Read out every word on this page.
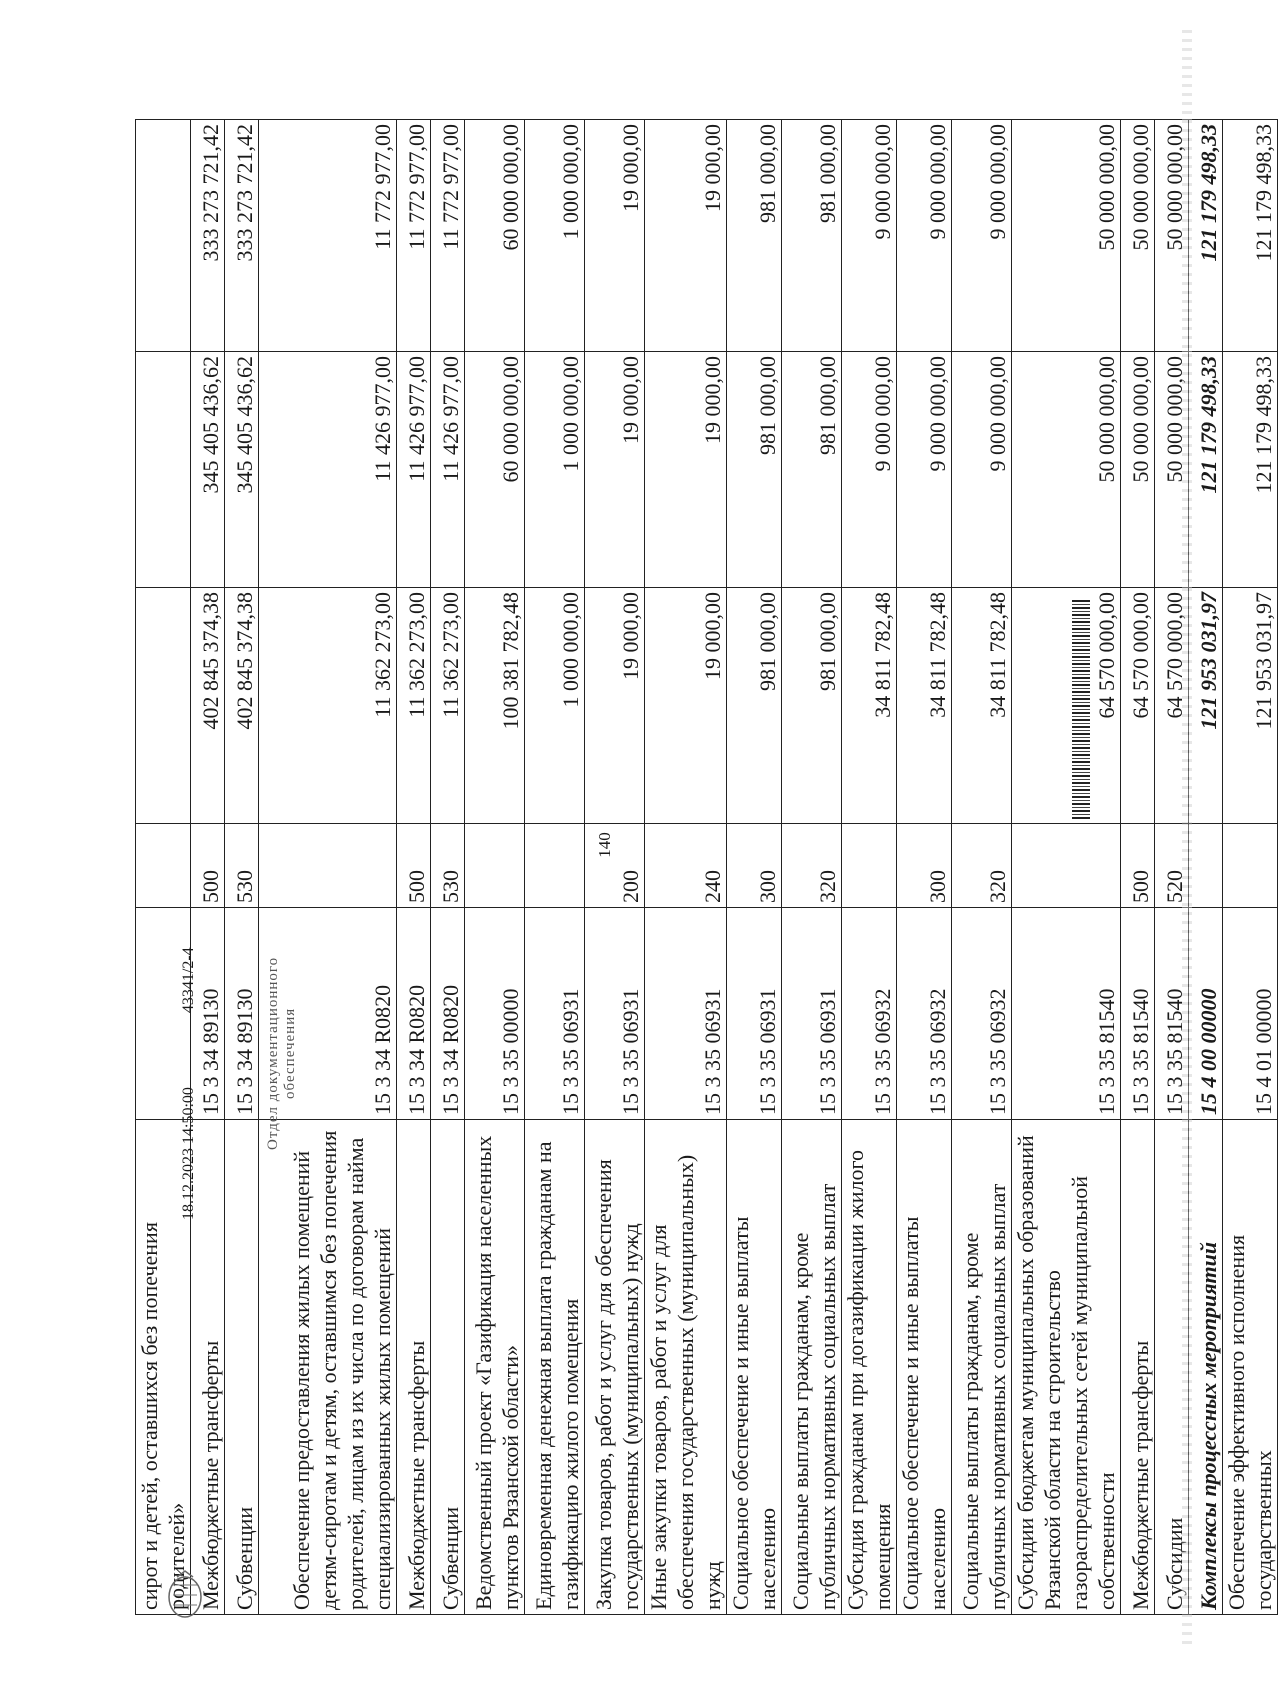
140
сирот и детей, оставшихся без попечения родителей»					
Межбюджетные трансферты	15 3 34 89130	500	402 845 374,38	345 405 436,62	333 273 721,42
Субвенции	15 3 34 89130	530	402 845 374,38	345 405 436,62	333 273 721,42
Обеспечение предоставления жилых помещений детям-сиротам и детям, оставшимся без попечения родителей, лицам из их числа по договорам найма специализированных жилых помещений	15 3 34 R0820		11 362 273,00	11 426 977,00	11 772 977,00
Межбюджетные трансферты	15 3 34 R0820	500	11 362 273,00	11 426 977,00	11 772 977,00
Субвенции	15 3 34 R0820	530	11 362 273,00	11 426 977,00	11 772 977,00
Ведомственный проект «Газификация населенных пунктов Рязанской области»	15 3 35 00000		100 381 782,48	60 000 000,00	60 000 000,00
Единовременная денежная выплата гражданам на газификацию жилого помещения	15 3 35 06931		1 000 000,00	1 000 000,00	1 000 000,00
Закупка товаров, работ и услуг для обеспечения государственных (муниципальных) нужд	15 3 35 06931	200	19 000,00	19 000,00	19 000,00
Иные закупки товаров, работ и услуг для обеспечения государственных (муниципальных) нужд	15 3 35 06931	240	19 000,00	19 000,00	19 000,00
Социальное обеспечение и иные выплаты населению	15 3 35 06931	300	981 000,00	981 000,00	981 000,00
Социальные выплаты гражданам, кроме публичных нормативных социальных выплат	15 3 35 06931	320	981 000,00	981 000,00	981 000,00
Субсидия гражданам при догазификации жилого помещения	15 3 35 06932		34 811 782,48	9 000 000,00	9 000 000,00
Социальное обеспечение и иные выплаты населению	15 3 35 06932	300	34 811 782,48	9 000 000,00	9 000 000,00
Социальные выплаты гражданам, кроме публичных нормативных социальных выплат	15 3 35 06932	320	34 811 782,48	9 000 000,00	9 000 000,00
Субсидии бюджетам муниципальных образований Рязанской области на строительство газораспределительных сетей муниципальной собственности	15 3 35 81540		64 570 000,00	50 000 000,00	50 000 000,00
Межбюджетные трансферты	15 3 35 81540	500	64 570 000,00	50 000 000,00	50 000 000,00
Субсидии	15 3 35 81540	520	64 570 000,00	50 000 000,00	50 000 000,00
Комплексы процессных мероприятий	15 4 00 00000		121 953 031,97	121 179 498,33	121 179 498,33
Обеспечение эффективного исполнения государственных	15 4 01 00000		121 953 031,97	121 179 498,33	121 179 498,33
18.12.2023 14:50:00 43341/2-4	Отдел документационного обеспечения
